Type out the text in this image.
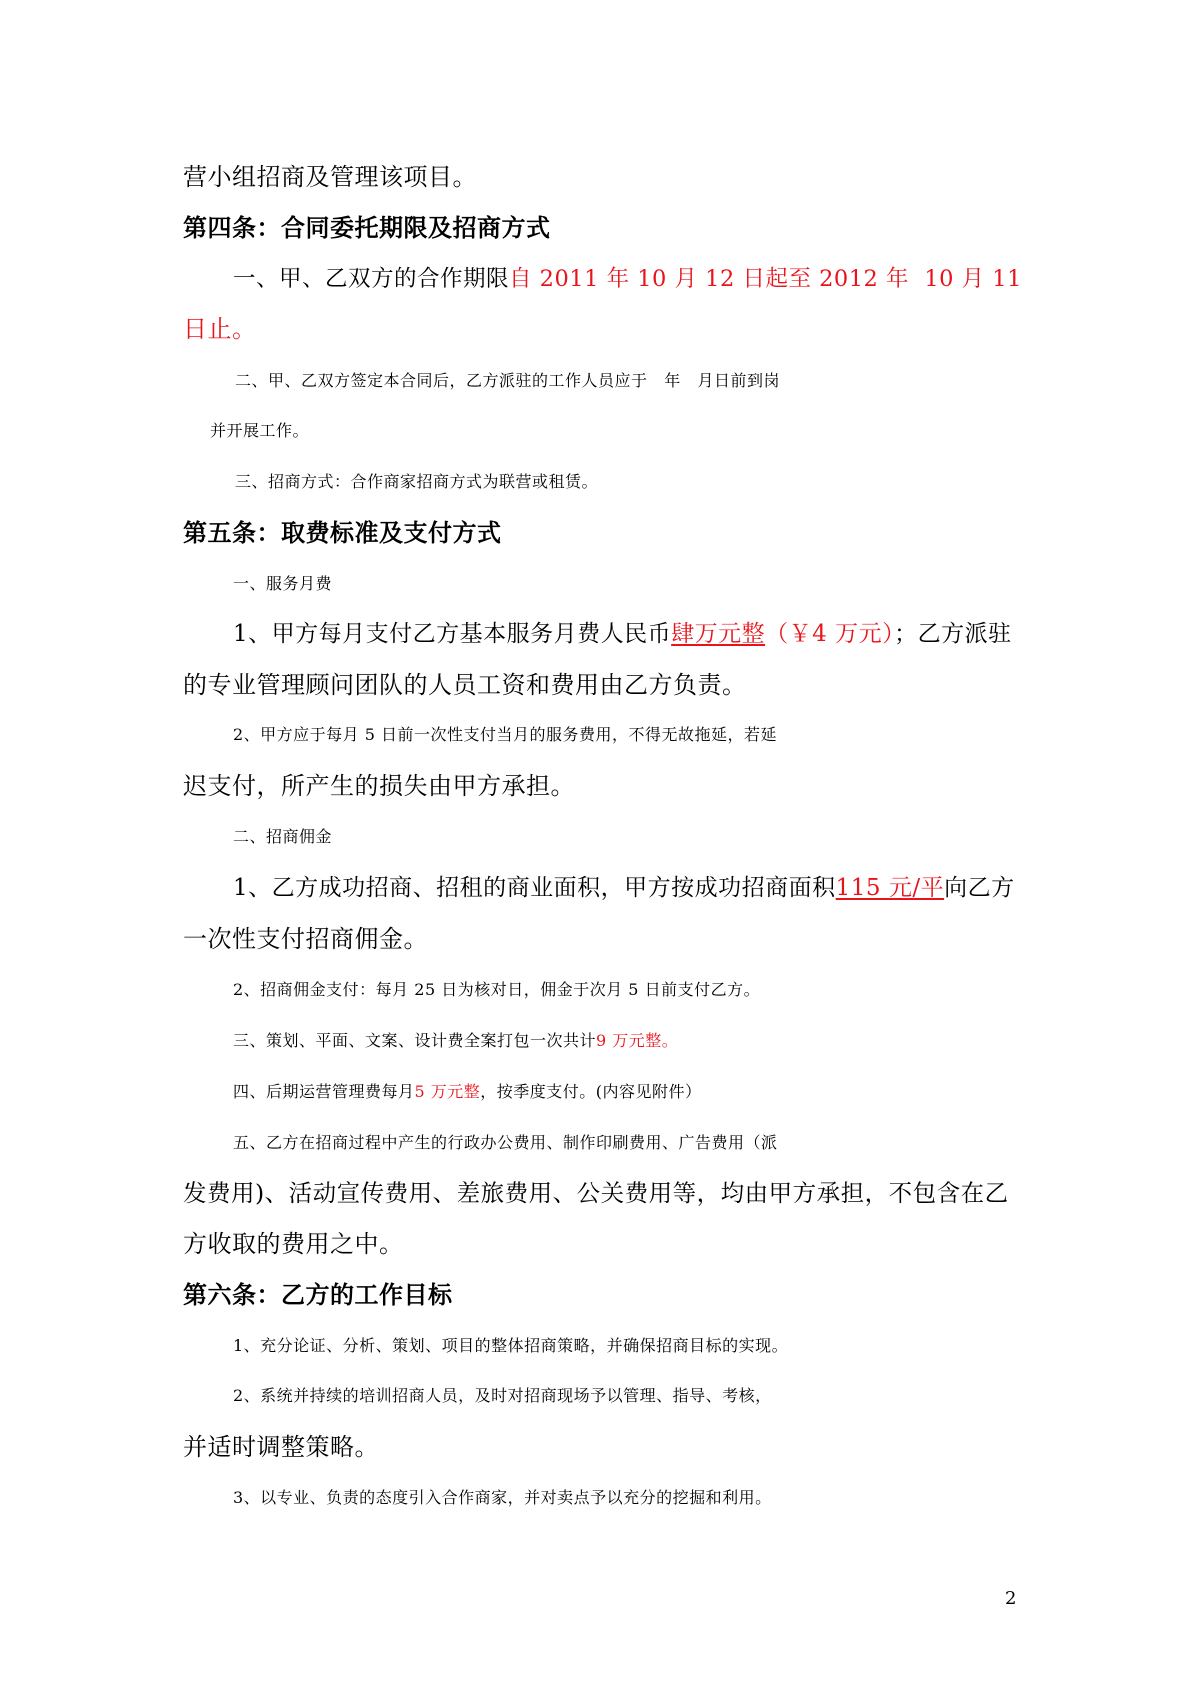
营小组招商及管理该项目。
第四条：合同委托期限及招商方式
一、甲、乙双方的合作期限自 2011 年 10 月 12 日起至 2012 年  10 月 11
日止。
二、甲、乙双方签定本合同后，乙方派驻的工作人员应于   年   月日前到岗
并开展工作。
三、招商方式：合作商家招商方式为联营或租赁。
第五条：取费标准及支付方式
一、服务月费
1、甲方每月支付乙方基本服务月费人民币肆万元整（￥4 万元）；乙方派驻
的专业管理顾问团队的人员工资和费用由乙方负责。
2、甲方应于每月 5 日前一次性支付当月的服务费用，不得无故拖延，若延
迟支付，所产生的损失由甲方承担。
二、招商佣金
1、乙方成功招商、招租的商业面积，甲方按成功招商面积115 元/平向乙方
一次性支付招商佣金。
2、招商佣金支付：每月 25 日为核对日，佣金于次月 5 日前支付乙方。
三、策划、平面、文案、设计费全案打包一次共计9 万元整。
四、后期运营管理费每月5 万元整，按季度支付。(内容见附件）
五、乙方在招商过程中产生的行政办公费用、制作印刷费用、广告费用（派
发费用)、活动宣传费用、差旅费用、公关费用等，均由甲方承担，不包含在乙
方收取的费用之中。
第六条：乙方的工作目标
1、充分论证、分析、策划、项目的整体招商策略，并确保招商目标的实现。
2、系统并持续的培训招商人员，及时对招商现场予以管理、指导、考核，
并适时调整策略。
3、以专业、负责的态度引入合作商家，并对卖点予以充分的挖掘和利用。
2
